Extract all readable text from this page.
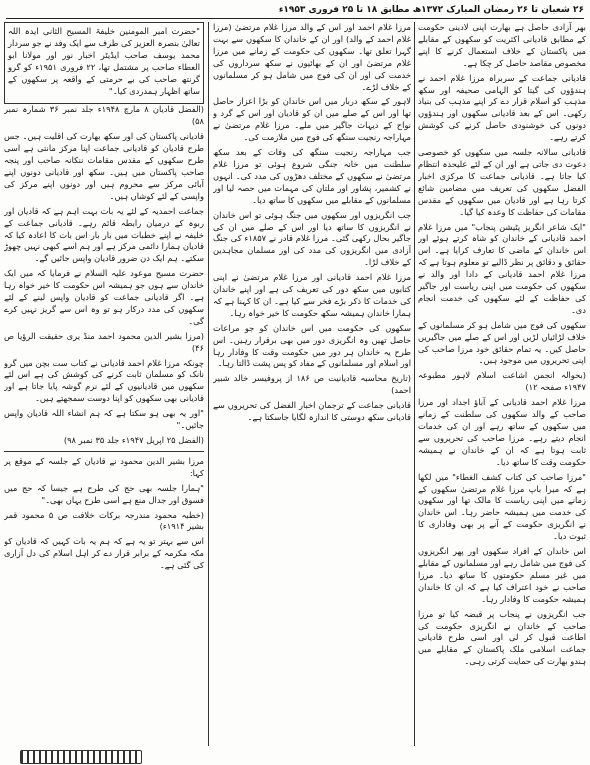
۲۶ شعبان تا ۲۶ رمضان المبارک ۱۳۷۲ھ مطابق ۱۸ تا ۲۵ فروری ۱۹۵۳ء

بھر آزادی حاصل ہے بھارت اپنی لادینی حکومت کے مطابق قادیانی اکثریت کو سکھوں کے مقابلے میں پاکستان کے خلاف استعمال کرنے کا اپنے مخصوص مقاصد حاصل کر چکا ہے۔

قادیانی جماعت کے سربراہ مرزا غلام احمد نے ہندؤوں کی گیتا کو الہامی صحیفہ اور سکھ مذہب کو اسلام قرار دے کر اپنے مذہب کی بنیاد رکھی۔ اس کے بعد قادیانی سکھوں اور ہندؤوں دونوں کی خوشنودی حاصل کرنے کی کوشش کرتے رہے۔

قادیانی سالانہ جلسہ میں سکھوں کو خصوصی دعوت دی جاتی ہے اور ان کے لئے علیحدہ انتظام کیا جاتا ہے۔ قادیانی جماعت کا مرکزی اخبار الفضل سکھوں کی تعریف میں مضامین شائع کرتا رہا ہے اور قادیان میں سکھوں کے مقدس مقامات کی حفاظت کا وعدہ کیا گیا۔

"ایک شاعر انگریز پٹیشن پنجاب" میں مرزا غلام احمد قادیانی کے خاندان کو شاہ کرتے ہوئے اور اس خاندان کے ماضی کا تعارف کرایا ہے۔ اس حقائق و دقائق پر نظر ڈالیے تو معلوم ہوتا ہے کہ مرزا غلام احمد قادیانی کے دادا اور والد نے سکھوں کی حکومت میں اپنی ریاست اور جاگیر کی حفاظت کے لئے سکھوں کی خدمت انجام دی۔

سکھوں کی فوج میں شامل ہو کر مسلمانوں کے خلاف لڑائیاں لڑیں اور اس کے صلے میں جاگیریں حاصل کیں۔ یہ تمام حقائق خود مرزا صاحب کی اپنی تحریروں میں موجود ہیں۔

(بحوالہ انجمن اشاعت اسلام لاہور مطبوعہ ۱۹۴۷ء صفحہ ۱۲)

مرزا غلام احمد قادیانی کے آباؤ اجداد اور مرزا صاحب کے والد سکھوں کی سلطنت کے زمانے میں سکھوں کے ساتھ رہے اور ان کی خدمات انجام دیتے رہے۔ مرزا صاحب کی تحریروں سے ثابت ہوتا ہے کہ ان کے خاندان نے ہمیشہ حکومت وقت کا ساتھ دیا۔

"مرزا صاحب کی کتاب کشف الغطاء" میں لکھا ہے کہ میرا باپ مرزا غلام مرتضیٰ سکھوں کے زمانے میں اپنی ریاست کا مالک تھا اور سکھوں کی خدمت میں ہمیشہ حاضر رہا۔ اس خاندان نے انگریزی حکومت کے آنے پر بھی وفاداری کا ثبوت دیا۔

اس خاندان کے افراد سکھوں اور پھر انگریزوں کی فوج میں شامل رہے اور مسلمانوں کے مقابلے میں غیر مسلم حکومتوں کا ساتھ دیا۔ مرزا صاحب نے خود اعتراف کیا ہے کہ ان کا خاندان ہمیشہ حکومت کا وفادار رہا۔

جب انگریزوں نے پنجاب پر قبضہ کیا تو مرزا صاحب کے خاندان نے انگریزی حکومت کی اطاعت قبول کر لی اور اسی طرح قادیانی جماعت اسلامی ملک پاکستان کے مقابلے میں ہندو بھارت کی حمایت کرتی رہی۔

مرزا غلام احمد اور اس کے والد مرزا غلام مرتضیٰ (مرزا غلام احمد کے والد) اور ان کے خاندان کا سکھوں سے بہت گہرا تعلق تھا۔ سکھوں کی حکومت کے زمانے میں مرزا غلام مرتضیٰ اور ان کے بھائیوں نے سکھ سرداروں کی خدمت کی اور ان کی فوج میں شامل ہو کر مسلمانوں کے خلاف لڑے۔

لاہور کے سکھ دربار میں اس خاندان کو بڑا اعزاز حاصل تھا اور اس کے صلے میں ان کو قادیان اور اس کے گرد و نواح کے دیہات جاگیر میں ملے۔ مرزا غلام مرتضیٰ نے مہاراجہ رنجیت سنگھ کی فوج میں ملازمت کی۔

جب مہاراجہ رنجیت سنگھ کی وفات کے بعد سکھ سلطنت میں خانہ جنگی شروع ہوئی تو مرزا غلام مرتضیٰ نے سکھوں کے مختلف دھڑوں کی مدد کی۔ انہوں نے کشمیر، پشاور اور ملتان کی مہمات میں حصہ لیا اور مسلمانوں کے مقابلے میں سکھوں کا ساتھ دیا۔

جب انگریزوں اور سکھوں میں جنگ ہوئی تو اس خاندان نے انگریزوں کا ساتھ دیا اور اس کے صلے میں ان کی جاگیر بحال رکھی گئی۔ مرزا غلام قادر نے ۱۸۵۷ء کی جنگ آزادی میں انگریزوں کی مدد کی اور مسلمان مجاہدین کے خلاف لڑا۔

مرزا غلام احمد قادیانی اور مرزا غلام مرتضیٰ نے اپنی کتابوں میں سکھ دور کی تعریف کی ہے اور اپنے خاندان کی خدمات کا ذکر بڑے فخر سے کیا ہے۔ ان کا کہنا ہے کہ ہمارا خاندان ہمیشہ سکھ حکومت کا خیر خواہ رہا۔

سکھوں کی حکومت میں اس خاندان کو جو مراعات حاصل تھیں وہ انگریزی دور میں بھی برقرار رہیں۔ اس طرح یہ خاندان ہر دور میں حکومت وقت کا وفادار رہا اور اسلام اور مسلمانوں کے مفاد کو پس پشت ڈالتا رہا۔

(تاریخ محاسبہ قادیانیت ص ۱۸۶ از پروفیسر خالد شبیر احمد)

قادیانی جماعت کے ترجمان اخبار الفضل کی تحریروں سے قادیانی سکھ دوستی کا اندازہ لگایا جاسکتا ہے۔

"حضرت امیر المومنین خلیفۃ المسیح الثانی ایدہ اللہ تعالیٰ بنصرہ العزیز کی طرف سے ایک وفد نے جو سردار محمد یوسف صاحب ایڈیٹر اخبار نور اور مولانا ابو العطاء صاحب پر مشتمل تھا، ۲۲ فروری ۱۹۵۱ء کو گرو گرنتھ صاحب کی بے حرمتی کے واقعہ پر سکھوں کے ساتھ اظہار ہمدردی کیا۔"

(الفضل قادیان ۸ مارچ ۱۹۴۸ء جلد نمبر ۳۶ شمارہ نمبر ۵۸)

قادیانی پاکستان کی اور سکھ بھارت کی اقلیت ہیں۔ جس طرح قادیان کو قادیانی جماعت اپنا مرکز مانتی ہے اسی طرح سکھوں کے مقدس مقامات ننکانہ صاحب اور پنجہ صاحب پاکستان میں ہیں۔ سکھ اور قادیانی دونوں اپنے آبائی مرکز سے محروم ہیں اور دونوں اپنے مرکز کی واپسی کے لئے کوشاں ہیں۔

جماعت احمدیہ کے لئے یہ بات بہت اہم ہے کہ قادیان اور ربوہ کے درمیان رابطہ قائم رہے۔ قادیانی جماعت کے خلیفہ نے اپنے خطبات میں بار بار اس بات کا اعادہ کیا کہ قادیان ہمارا دائمی مرکز ہے اور ہم اسے کبھی نہیں چھوڑ سکتے۔ ہم ایک دن ضرور قادیان واپس جائیں گے۔

حضرت مسیح موعود علیہ السلام نے فرمایا کہ میں ایک خاندان سے ہوں جو ہمیشہ اس حکومت کا خیر خواہ رہا ہے۔ اگر قادیانی جماعت کو قادیان واپس لینے کے لئے سکھوں کی مدد درکار ہو تو وہ اس سے گریز نہیں کرے گی۔

(مرزا بشیر الدین محمود احمد منڈ یری حقیقت الرؤیا ص ۴۶)

چونکہ مرزا غلام احمد قادیانی نے کتاب ست بچن میں گرو نانک کو مسلمان ثابت کرنے کی کوشش کی ہے اس لئے سکھوں میں قادیانیوں کے لئے نرم گوشہ پایا جاتا ہے اور قادیانی بھی سکھوں کو اپنا دوست سمجھتے ہیں۔

"اور یہ بھی ہو سکتا ہے کہ ہم انشاء اللہ قادیان واپس جائیں۔"

(الفضل ۲۵ اپریل ۱۹۴۷ء جلد ۳۵ نمبر ۹۸)

مرزا بشیر الدین محمود نے قادیان کے جلسہ کے موقع پر کہا:

"ہمارا جلسہ بھی حج کی طرح ہے جیسا کہ حج میں فسوق اور جدال منع ہے اسی طرح یہاں بھی۔"

(خطبہ محمود مندرجہ برکات خلافت ص ۵ محمود قمر بشیر ۱۹۱۴ء)

اس سے بہتر تو یہ ہے کہ ہم یہ بات کہیں کہ قادیان کو مکہ مکرمہ کے برابر قرار دے کر اہل اسلام کی دل آزاری کی گئی ہے۔
